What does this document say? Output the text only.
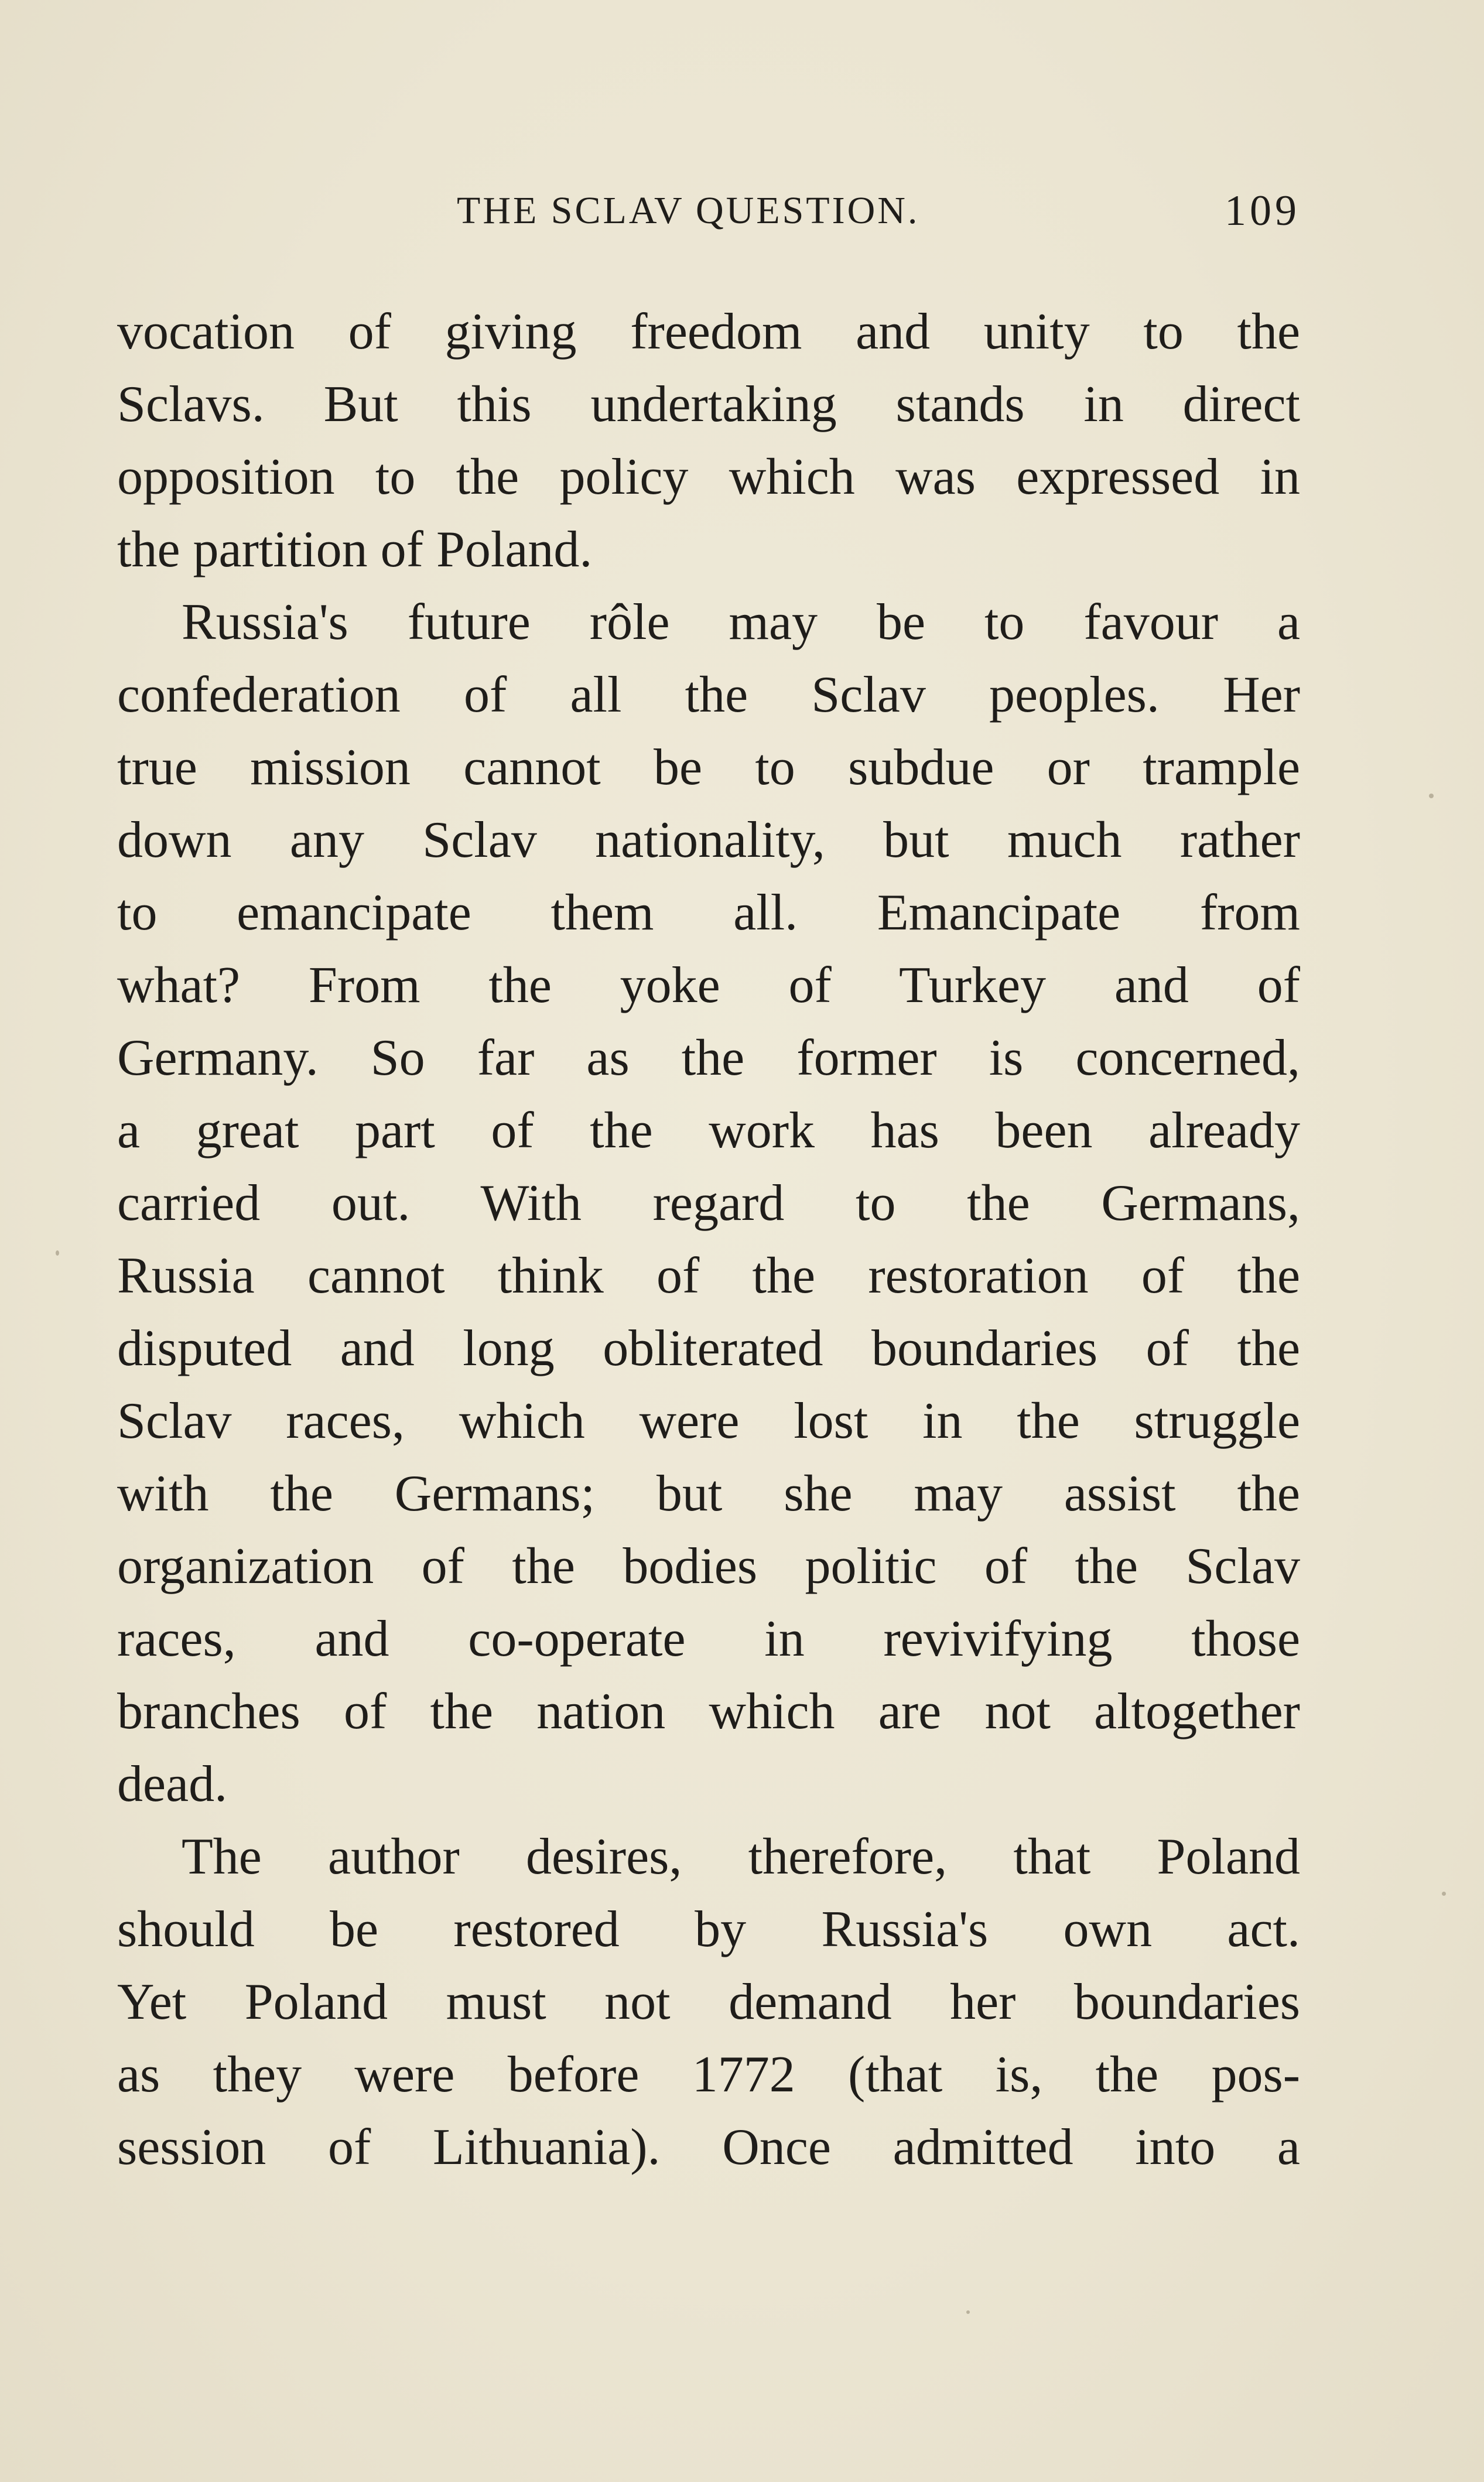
THE SCLAV QUESTION.	109
vocation of giving freedom and unity to the
Sclavs. But this undertaking stands in direct
opposition to the policy which was expressed in
the partition of Poland.
Russia's future rôle may be to favour a
confederation of all the Sclav peoples. Her
true mission cannot be to subdue or trample
down any Sclav nationality, but much rather
to emancipate them all. Emancipate from
what? From the yoke of Turkey and of
Germany. So far as the former is concerned,
a great part of the work has been already
carried out. With regard to the Germans,
Russia cannot think of the restoration of the
disputed and long obliterated boundaries of the
Sclav races, which were lost in the struggle
with the Germans; but she may assist the
organization of the bodies politic of the Sclav
races, and co-operate in revivifying those
branches of the nation which are not altogether
dead.
The author desires, therefore, that Poland
should be restored by Russia's own act.
Yet Poland must not demand her boundaries
as they were before 1772 (that is, the pos-
session of Lithuania). Once admitted into a
